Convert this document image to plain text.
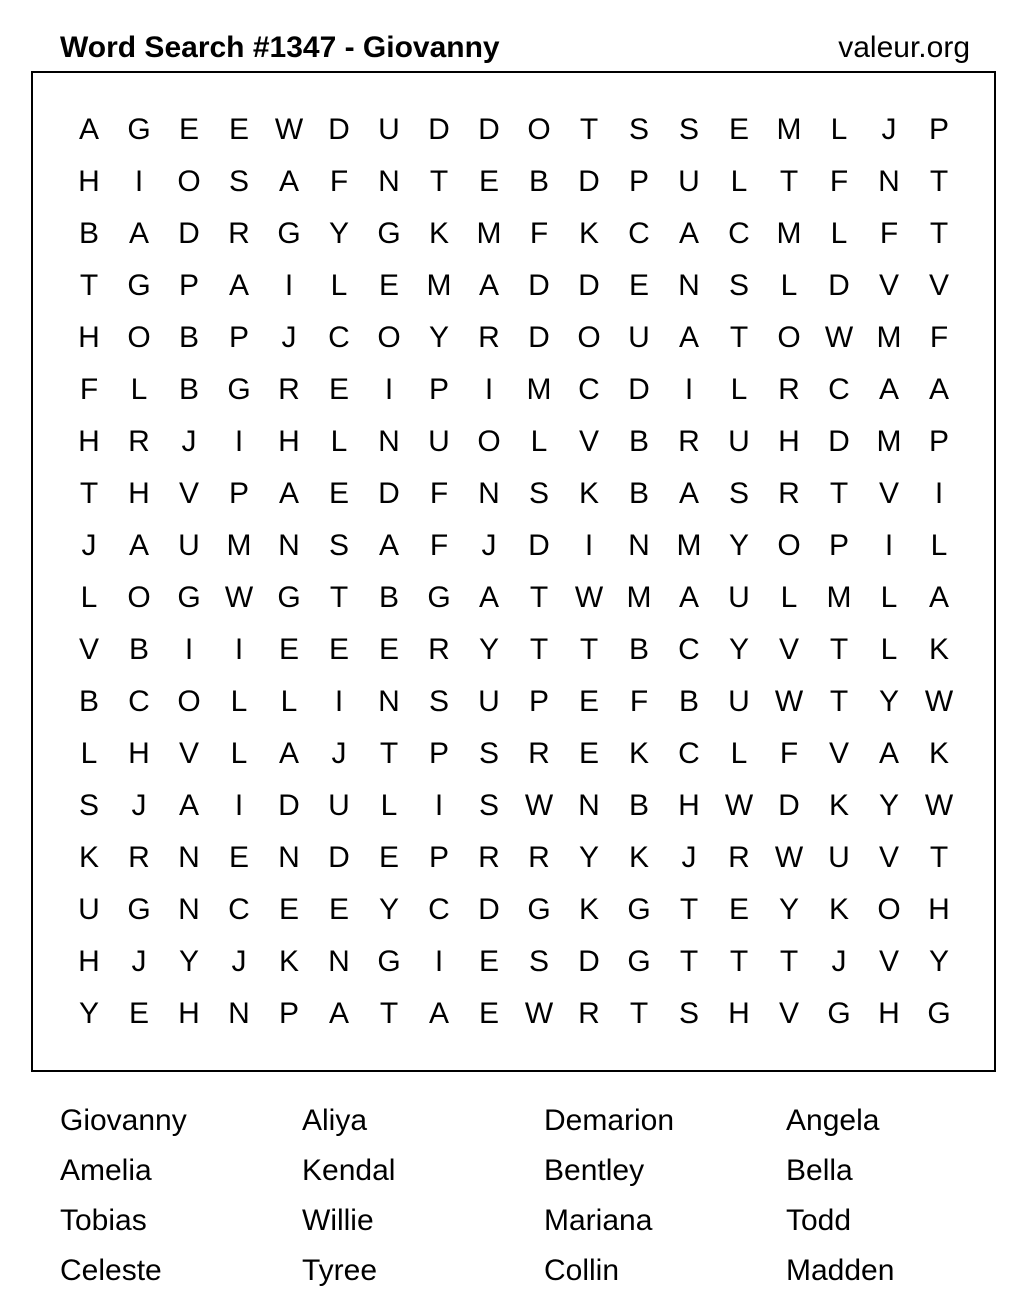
Word Search #1347 - Giovanny	valeur.org
A G E E W D U D D O T	S S E M L	J	P
H	I	O S A	F	N	T	E B D P U	L	T	F	N	T
B A D R G Y G K M F	K C A C M L	F	T
T G P A	I	L	E M A D D E N S	L	D V V
H O B P	J	C O Y R D O U A	T O W M F
F	L	B G R E	I	P	I	M C D	I	L	R C A A
H R	J	I	H	L	N U O L	V B R U H D M P
T	H V P A E D	F	N S K B A S R	T	V	I
J	A U M N S A	F	J	D	I	N M Y O P	I	L
L O G W G T	B G A	T W M A U	L M L	A
V B	I	I	E E E R Y	T	T	B C Y V	T	L	K
B C O L	L	I	N S U P E	F	B U W T	Y W
L	H V	L	A	J	T	P S R E K C	L	F	V A K
S	J	A	I	D U	L	I	S W N B H W D K Y W
K R N E N D E P R R Y K	J	R W U V	T
U G N C E E Y C D G K G T	E Y K O H
H	J	Y	J	K N G	I	E S D G T	T	T	J	V Y
Y E H N P A	T	A E W R	T	S H V G H G
Giovanny	Aliya	Demarion	Angela
Amelia	Kendal	Bentley	Bella
Tobias	Willie	Mariana	Todd
Celeste	Tyree	Collin	Madden
